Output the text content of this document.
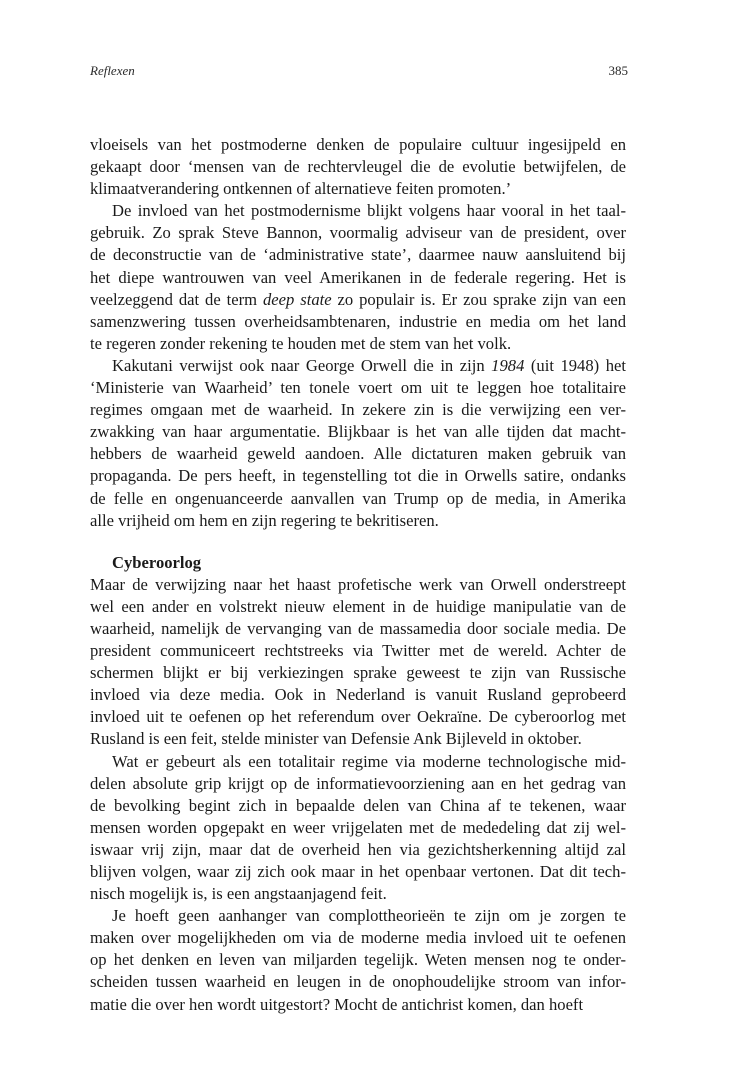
Reflexen	385
vloeisels van het postmoderne denken de populaire cultuur ingesijpeld en
gekaapt door ‘mensen van de rechtervleugel die de evolutie betwijfelen, de
klimaatverandering ontkennen of alternatieve feiten promoten.’
De invloed van het postmodernisme blijkt volgens haar vooral in het taal-
gebruik. Zo sprak Steve Bannon, voormalig adviseur van de president, over
de deconstructie van de ‘administrative state’, daarmee nauw aansluitend bij
het diepe wantrouwen van veel Amerikanen in de federale regering. Het is
veelzeggend dat de term deep state zo populair is. Er zou sprake zijn van een
samenzwering tussen overheidsambtenaren, industrie en media om het land
te regeren zonder rekening te houden met de stem van het volk.
Kakutani verwijst ook naar George Orwell die in zijn 1984 (uit 1948) het
‘Ministerie van Waarheid’ ten tonele voert om uit te leggen hoe totalitaire
regimes omgaan met de waarheid. In zekere zin is die verwijzing een ver-
zwakking van haar argumentatie. Blijkbaar is het van alle tijden dat macht-
hebbers de waarheid geweld aandoen. Alle dictaturen maken gebruik van
propaganda. De pers heeft, in tegenstelling tot die in Orwells satire, ondanks
de felle en ongenuanceerde aanvallen van Trump op de media, in Amerika
alle vrijheid om hem en zijn regering te bekritiseren.
Cyberoorlog
Maar de verwijzing naar het haast profetische werk van Orwell onderstreept
wel een ander en volstrekt nieuw element in de huidige manipulatie van de
waarheid, namelijk de vervanging van de massamedia door sociale media. De
president communiceert rechtstreeks via Twitter met de wereld. Achter de
schermen blijkt er bij verkiezingen sprake geweest te zijn van Russische
invloed via deze media. Ook in Nederland is vanuit Rusland geprobeerd
invloed uit te oefenen op het referendum over Oekraïne. De cyberoorlog met
Rusland is een feit, stelde minister van Defensie Ank Bijleveld in oktober.
Wat er gebeurt als een totalitair regime via moderne technologische mid-
delen absolute grip krijgt op de informatievoorziening aan en het gedrag van
de bevolking begint zich in bepaalde delen van China af te tekenen, waar
mensen worden opgepakt en weer vrijgelaten met de mededeling dat zij wel-
iswaar vrij zijn, maar dat de overheid hen via gezichtsherkenning altijd zal
blijven volgen, waar zij zich ook maar in het openbaar vertonen. Dat dit tech-
nisch mogelijk is, is een angstaanjagend feit.
Je hoeft geen aanhanger van complottheorieën te zijn om je zorgen te
maken over mogelijkheden om via de moderne media invloed uit te oefenen
op het denken en leven van miljarden tegelijk. Weten mensen nog te onder-
scheiden tussen waarheid en leugen in de onophoudelijke stroom van infor-
matie die over hen wordt uitgestort? Mocht de antichrist komen, dan hoeft
